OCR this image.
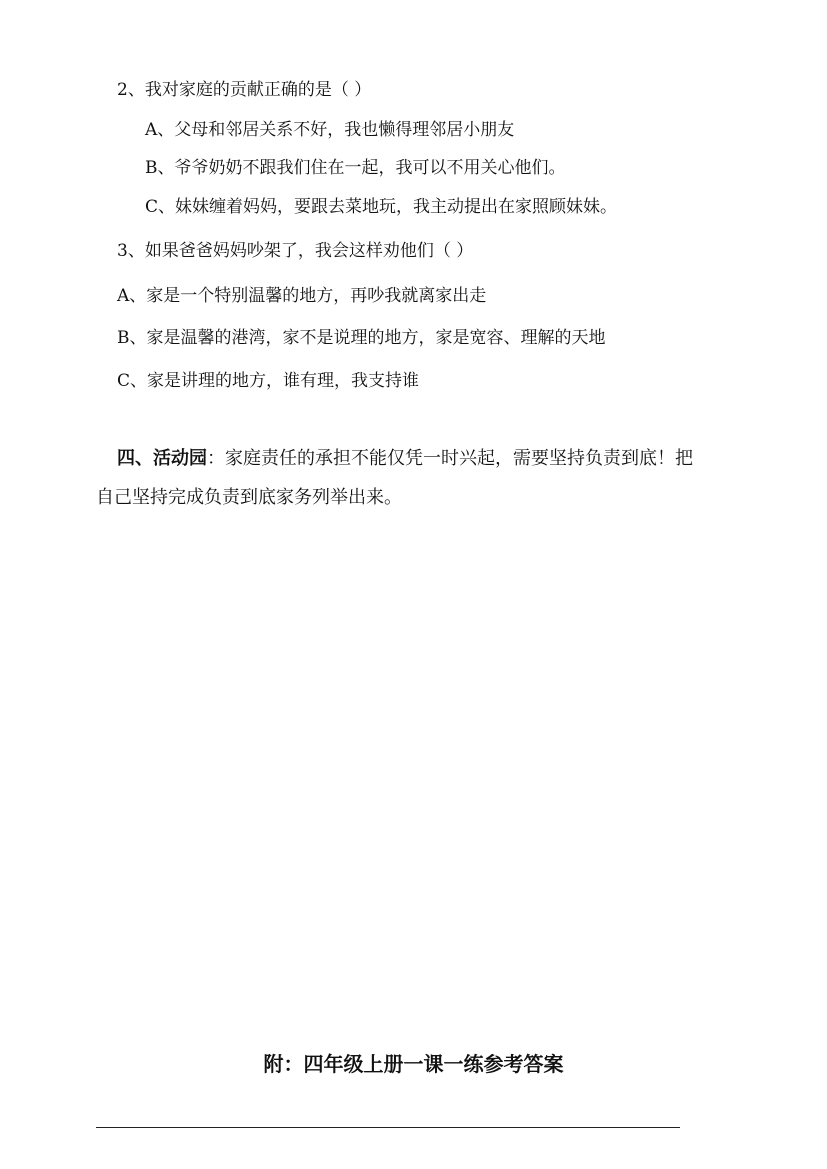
2、我对家庭的贡献正确的是（ ）
A、父母和邻居关系不好，我也懒得理邻居小朋友
B、爷爷奶奶不跟我们住在一起，我可以不用关心他们。
C、妹妹缠着妈妈，要跟去菜地玩，我主动提出在家照顾妹妹。
3、如果爸爸妈妈吵架了，我会这样劝他们（ ）
A、家是一个特别温馨的地方，再吵我就离家出走
B、家是温馨的港湾，家不是说理的地方，家是宽容、理解的天地
C、家是讲理的地方，谁有理，我支持谁
四、活动园：家庭责任的承担不能仅凭一时兴起，需要坚持负责到底！把
自己坚持完成负责到底家务列举出来。
附：四年级上册一课一练参考答案
